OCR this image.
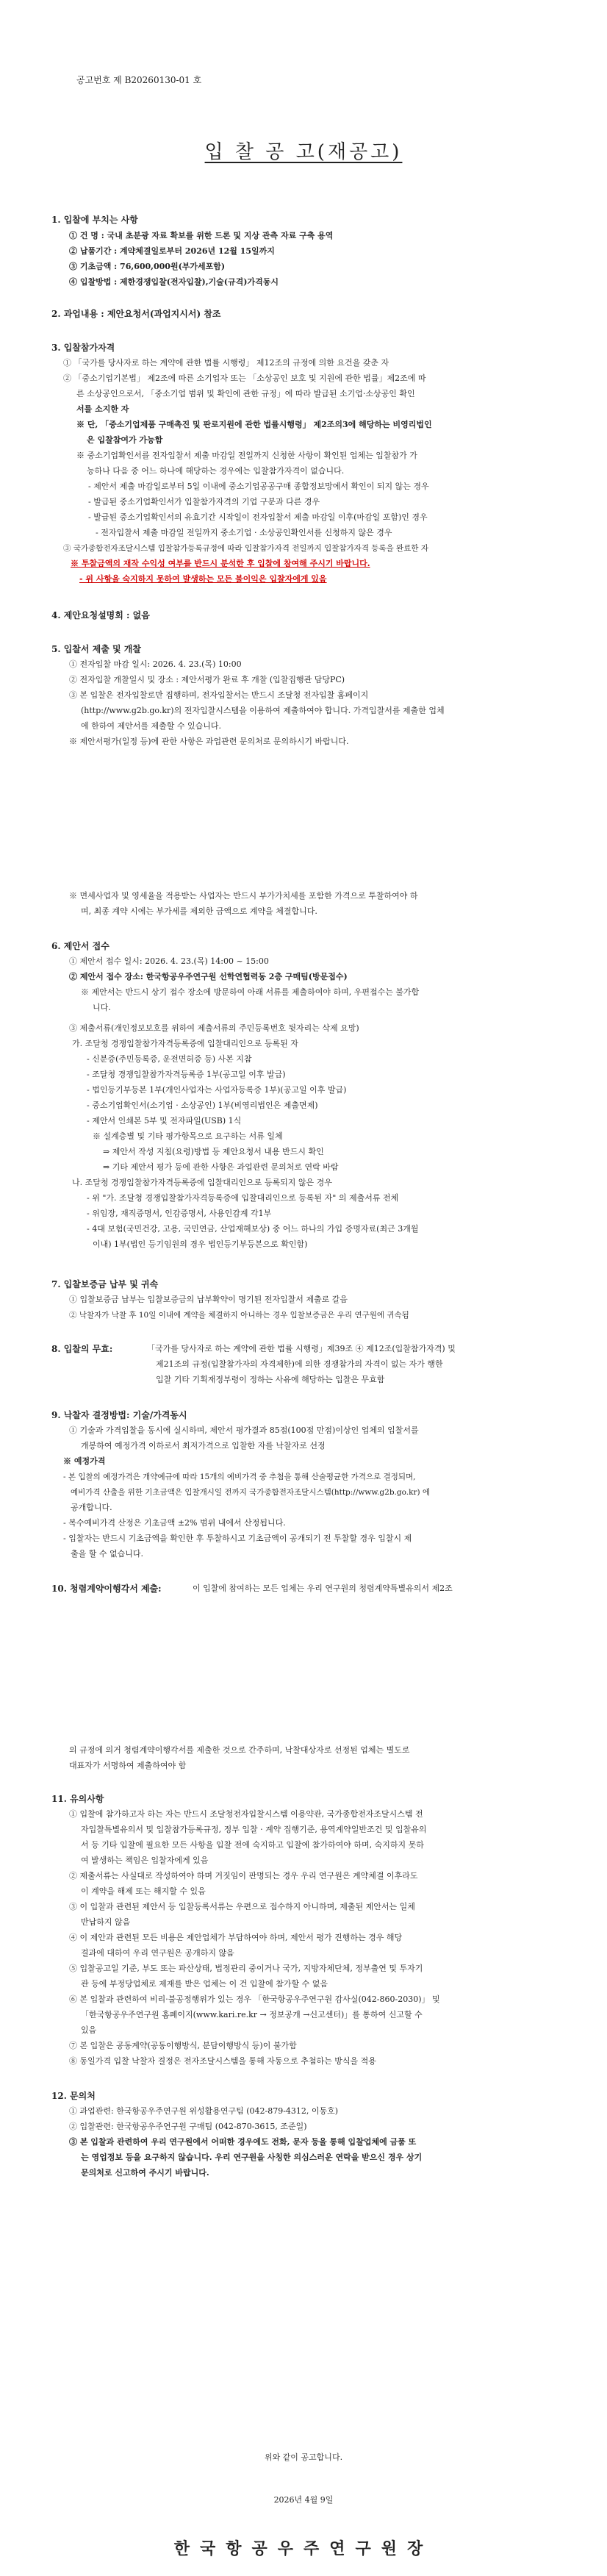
공고번호 제 B20260130-01 호
입 찰 공 고(재공고)
1. 입찰에 부치는 사항
① 건 명 : 국내 초분광 자료 확보를 위한 드론 및 지상 관측 자료 구축 용역
② 납품기간 : 계약체결일로부터 2026년 12월 15일까지
③ 기초금액 : 76,600,000원(부가세포함)
④ 입찰방법 : 제한경쟁입찰(전자입찰),기술(규격)가격동시
2. 과업내용 : 제안요청서(과업지시서) 참조
3. 입찰참가자격
① 「국가를 당사자로 하는 계약에 관한 법률 시행령」 제12조의 규정에 의한 요건을 갖춘 자
② 「중소기업기본법」 제2조에 따른 소기업자 또는 「소상공인 보호 및 지원에 관한 법률」제2조에 따
른 소상공인으로서, 「중소기업 범위 및 확인에 관한 규정」에 따라 발급된 소기업·소상공인 확인
서를 소지한 자
※ 단, 「중소기업제품 구매촉진 및 판로지원에 관한 법률시행령」 제2조의3에 해당하는 비영리법인
은 입찰참여가 가능함
※ 중소기업확인서를 전자입찰서 제출 마감일 전일까지 신청한 사항이 확인된 업체는 입찰참가 가
능하나 다음 중 어느 하나에 해당하는 경우에는 입찰참가자격이 없습니다.
- 제안서 제출 마감일로부터 5일 이내에 중소기업공공구매 종합정보망에서 확인이 되지 않는 경우
- 발급된 중소기업확인서가 입찰참가자격의 기업 구분과 다른 경우
- 발급된 중소기업확인서의 유효기간 시작일이 전자입찰서 제출 마감일 이후(마감일 포함)인 경우
- 전자입찰서 제출 마감일 전일까지 중소기업 · 소상공인확인서를 신청하지 않은 경우
③ 국가종합전자조달시스템 입찰참가등록규정에 따라 입찰참가자격 전일까지 입찰참가자격 등록을 완료한 자
※ 투찰금액의 재작 수익성 여부를 반드시 분석한 후 입찰에 참여해 주시기 바랍니다.
- 위 사항을 숙지하지 못하여 발생하는 모든 불이익은 입찰자에게 있음
4. 제안요청설명회 : 없음
5. 입찰서 제출 및 개찰
① 전자입찰 마감 일시: 2026. 4. 23.(목) 10:00
② 전자입찰 개찰일시 및 장소 : 제안서평가 완료 후 개찰 (입찰집행관 담당PC)
③ 본 입찰은 전자입찰로만 집행하며, 전자입찰서는 반드시 조달청 전자입찰 홈페이지
(http://www.g2b.go.kr)의 전자입찰시스템을 이용하여 제출하여야 합니다. 가격입찰서를 제출한 업체
에 한하여 제안서를 제출할 수 있습니다.
※ 제안서평가(일정 등)에 관한 사항은 과업관련 문의처로 문의하시기 바랍니다.
※ 면세사업자 및 영세율을 적용받는 사업자는 반드시 부가가치세를 포함한 가격으로 투찰하여야 하
며, 최종 계약 시에는 부가세를 제외한 금액으로 계약을 체결합니다.
6. 제안서 접수
① 제안서 접수 일시: 2026. 4. 23.(목) 14:00 ~ 15:00
② 제안서 접수 장소: 한국항공우주연구원 선학연협력동 2층 구매팀(방문접수)
※ 제안서는 반드시 상기 접수 장소에 방문하여 아래 서류를 제출하여야 하며, 우편접수는 불가합
니다.
③ 제출서류(개인정보보호를 위하여 제출서류의 주민등록번호 뒷자리는 삭제 요망)
가. 조달청 경쟁입찰참가자격등록증에 입찰대리인으로 등록된 자
- 신분증(주민등록증, 운전면허증 등) 사본 지참
- 조달청 경쟁입찰참가자격등록증 1부(공고일 이후 발급)
- 법인등기부등본 1부(개인사업자는 사업자등록증 1부)(공고일 이후 발급)
- 중소기업확인서(소기업 · 소상공인) 1부(비영리법인은 제출면제)
- 제안서 인쇄본 5부 및 전자파일(USB) 1식
※ 설계층별 및 기타 평가항목으로 요구하는 서류 일체
⇒ 제안서 작성 지침(요령)방법 등 제안요청서 내용 반드시 확인
⇒ 기타 제안서 평가 등에 관한 사항은 과업관련 문의처로 연락 바람
나. 조달청 경쟁입찰참가자격등록증에 입찰대리인으로 등록되지 않은 경우
- 위 "가. 조달청 경쟁입찰참가자격등록증에 입찰대리인으로 등록된 자" 의 제출서류 전체
- 위임장, 재직증명서, 인감증명서, 사용인감계 각1부
- 4대 보험(국민건강, 고용, 국민연금, 산업재해보상) 중 어느 하나의 가입 증명자료(최근 3개월
이내) 1부(법인 등기임원의 경우 법인등기부등본으로 확인함)
7. 입찰보증금 납부 및 귀속
① 입찰보증금 납부는 입찰보증금의 납부확약이 명기된 전자입찰서 제출로 갈음
② 낙찰자가 낙찰 후 10일 이내에 계약을 체결하지 아니하는 경우 입찰보증금은 우리 연구원에 귀속됨
8. 입찰의 무효:	「국가를 당사자로 하는 계약에 관한 법률 시행령」제39조 ④ 제12조(입찰참가자격) 및
제21조의 규정(입찰참가자의 자격제한)에 의한 경쟁참가의 자격이 없는 자가 행한
입찰 기타 기획재정부령이 정하는 사유에 해당하는 입찰은 무효함
9. 낙찰자 결정방법: 기술/가격동시
① 기술과 가격입찰을 동시에 실시하며, 제안서 평가결과 85점(100점 만점)이상인 업체의 입찰서를
개봉하여 예정가격 이하로서 최저가격으로 입찰한 자를 낙찰자로 선정
※ 예정가격
- 본 입찰의 예정가격은 개약예규에 따라 15개의 예비가격 중 추첨을 통해 산술평균한 가격으로 결정되며,
예비가격 산출을 위한 기초금액은 입찰개시일 전까지 국가종합전자조달시스템(http://www.g2b.go.kr) 에
공개합니다.
- 복수예비가격 산정은 기초금액 ±2% 범위 내에서 산정됩니다.
- 입찰자는 반드시 기초금액을 확인한 후 투찰하시고 기초금액이 공개되기 전 투찰할 경우 입찰시 제
출을 할 수 없습니다.
10. 청렴계약이행각서 제출:	이 입찰에 참여하는 모든 업체는 우리 연구원의 청렴계약특별유의서 제2조
의 규정에 의거 청렴계약이행각서를 제출한 것으로 간주하며, 낙찰대상자로 선정된 업체는 별도로
대표자가 서명하여 제출하여야 함
11. 유의사항
① 입찰에 참가하고자 하는 자는 반드시 조달청전자입찰시스템 이용약관, 국가종합전자조달시스템 전
자입찰특별유의서 및 입찰참가등록규정, 정부 입찰 · 계약 집행기준, 용역계약일반조건 및 입찰유의
서 등 기타 입찰에 필요한 모든 사항을 입찰 전에 숙지하고 입찰에 참가하여야 하며, 숙지하지 못하
여 발생하는 책임은 입찰자에게 있음
② 제출서류는 사실대로 작성하여야 하며 거짓임이 판명되는 경우 우리 연구원은 계약체결 이후라도
이 계약을 해제 또는 해지할 수 있음
③ 이 입찰과 관련된 제안서 등 입찰등록서류는 우편으로 접수하지 아니하며, 제출된 제안서는 일체
반납하지 않음
④ 이 제안과 관련된 모든 비용은 제안업체가 부담하여야 하며, 제안서 평가 진행하는 경우 해당
결과에 대하여 우리 연구원은 공개하지 않음
⑤ 입찰공고일 기준, 부도 또는 파산상태, 법정관리 중이거나 국가, 지방자체단체, 정부출연 및 투자기
관 등에 부정당업체로 제재를 받은 업체는 이 건 입찰에 참가할 수 없음
⑥ 본 입찰과 관련하여 비리·불공정행위가 있는 경우 「한국항공우주연구원 감사실(042-860-2030)」 및
「한국항공우주연구원 홈페이지(www.kari.re.kr → 정보공개 →신고센터)」를 통하여 신고할 수
있음
⑦ 본 입찰은 공동계약(공동이행방식, 분담이행방식 등)이 불가함
⑧ 동일가격 입찰 낙찰자 결정은 전자조달시스템을 통해 자동으로 추첨하는 방식을 적용
12. 문의처
① 과업관련: 한국항공우주연구원 위성활용연구팀 (042-879-4312, 이동호)
② 입찰관련: 한국항공우주연구원 구매팀 (042-870-3615, 조준일)
③ 본 입찰과 관련하여 우리 연구원에서 어떠한 경우에도 전화, 문자 등을 통해 입찰업체에 금품 또
는 영업정보 등을 요구하지 않습니다. 우리 연구원을 사칭한 의심스러운 연락을 받으신 경우 상기
문의처로 신고하여 주시기 바랍니다.
위와 같이 공고합니다.
2026년 4월 9일
한국항공우주연구원장
